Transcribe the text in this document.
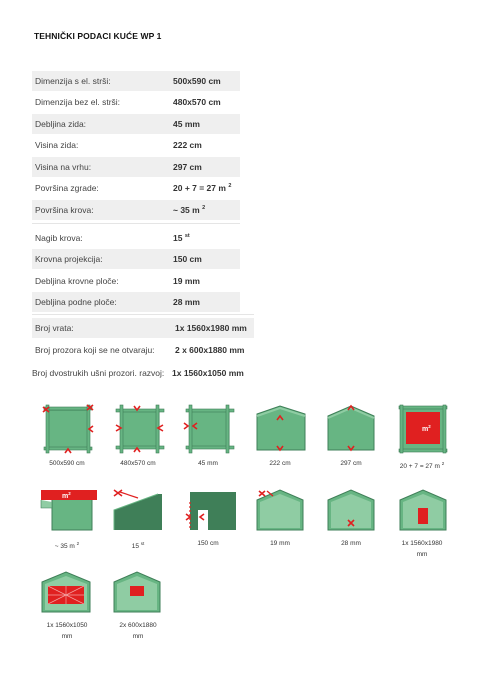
TEHNIČKI PODACI KUĆE WP 1
Dimenzija s el. strši:	500x590 cm
Dimenzija bez el. strši:	480x570 cm
Debljina zida:	45 mm
Visina zida:	222 cm
Visina na vrhu:	297 cm
Površina zgrade:	20 + 7 = 27 m $^2$
Površina krova:	~ 35 m $^2$
Nagib krova:	15 $^{st}$
Krovna projekcija:	150 cm
Debljina krovne ploče:	19 mm
Debljina podne ploče:	28 mm
Broj vrata:	1x 1560x1980 mm
Broj prozora koji se ne otvaraju: 2 x 600x1880 mm
Broj dvostrukih ušni prozori. razvoj: 1x 1560x1050 mm
$m^2$
500x590 cm	480x570 cm	45 mm	222 cm	297 cm	20 + 7 = 27 m $^2$
$m^2$
~ 35 m $^2$	15 $^{st}$	150 cm	19 mm	28 mm	1x 1560x1980
mm
1x 1560x1050
mm
2x 600x1880
mm
